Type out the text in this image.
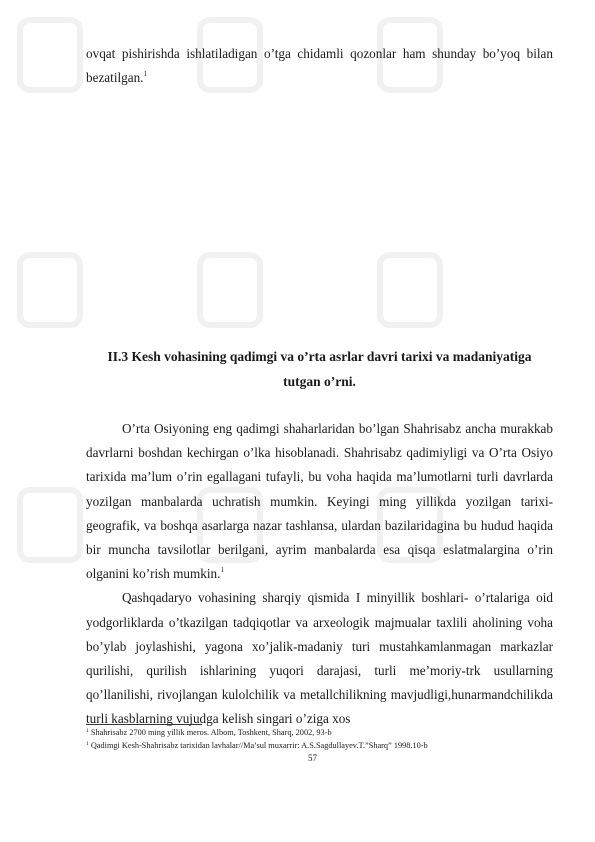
ovqat pishirishda ishlatiladigan o’tga chidamli qozonlar ham shunday bo’yoq bilan bezatilgan.$^1$

II.3 Kesh vohasining qadimgi va o’rta asrlar davri tarixi va madaniyatiga
tutgan o’rni.

O’rta Osiyoning eng qadimgi shaharlaridan bo’lgan Shahrisabz ancha murakkab davrlarni boshdan kechirgan o’lka hisoblanadi. Shahrisabz qadimiyligi va O’rta Osiyo tarixida ma’lum o’rin egallagani tufayli, bu voha haqida ma’lumotlarni turli davrlarda yozilgan manbalarda uchratish mumkin. Keyingi ming yillikda yozilgan tarixi-geografik, va boshqa asarlarga nazar tashlansa, ulardan bazilaridagina bu hudud haqida bir muncha tavsilotlar berilgani, ayrim manbalarda esa qisqa eslatmalargina o’rin olganini ko’rish mumkin.$^1$

Qashqadaryo vohasining sharqiy qismida I minyillik boshlari- o’rtalariga oid yodgorliklarda o’tkazilgan tadqiqotlar va arxeologik majmualar taxlili aholining voha bo’ylab joylashishi, yagona xo’jalik-madaniy turi mustahkamlanmagan markazlar qurilishi, qurilish ishlarining yuqori darajasi, turli me’moriy-trk usullarning qo’llanilishi, rivojlangan kulolchilik va metallchilikning mavjudligi,hunarmandchilikda turli kasblarning vujudga kelish singari o’ziga xos

$^1$ Shahrisabz 2700 ming yillik meros. Albom, Toshkent, Sharq, 2002, 93-b
$^1$ Qadimgi Kesh-Shahrisabz tarixidan lavhalar//Ma’sul muxarrir: A.S.Sagdullayev.T.”Sharq” 1998.10-b
57
